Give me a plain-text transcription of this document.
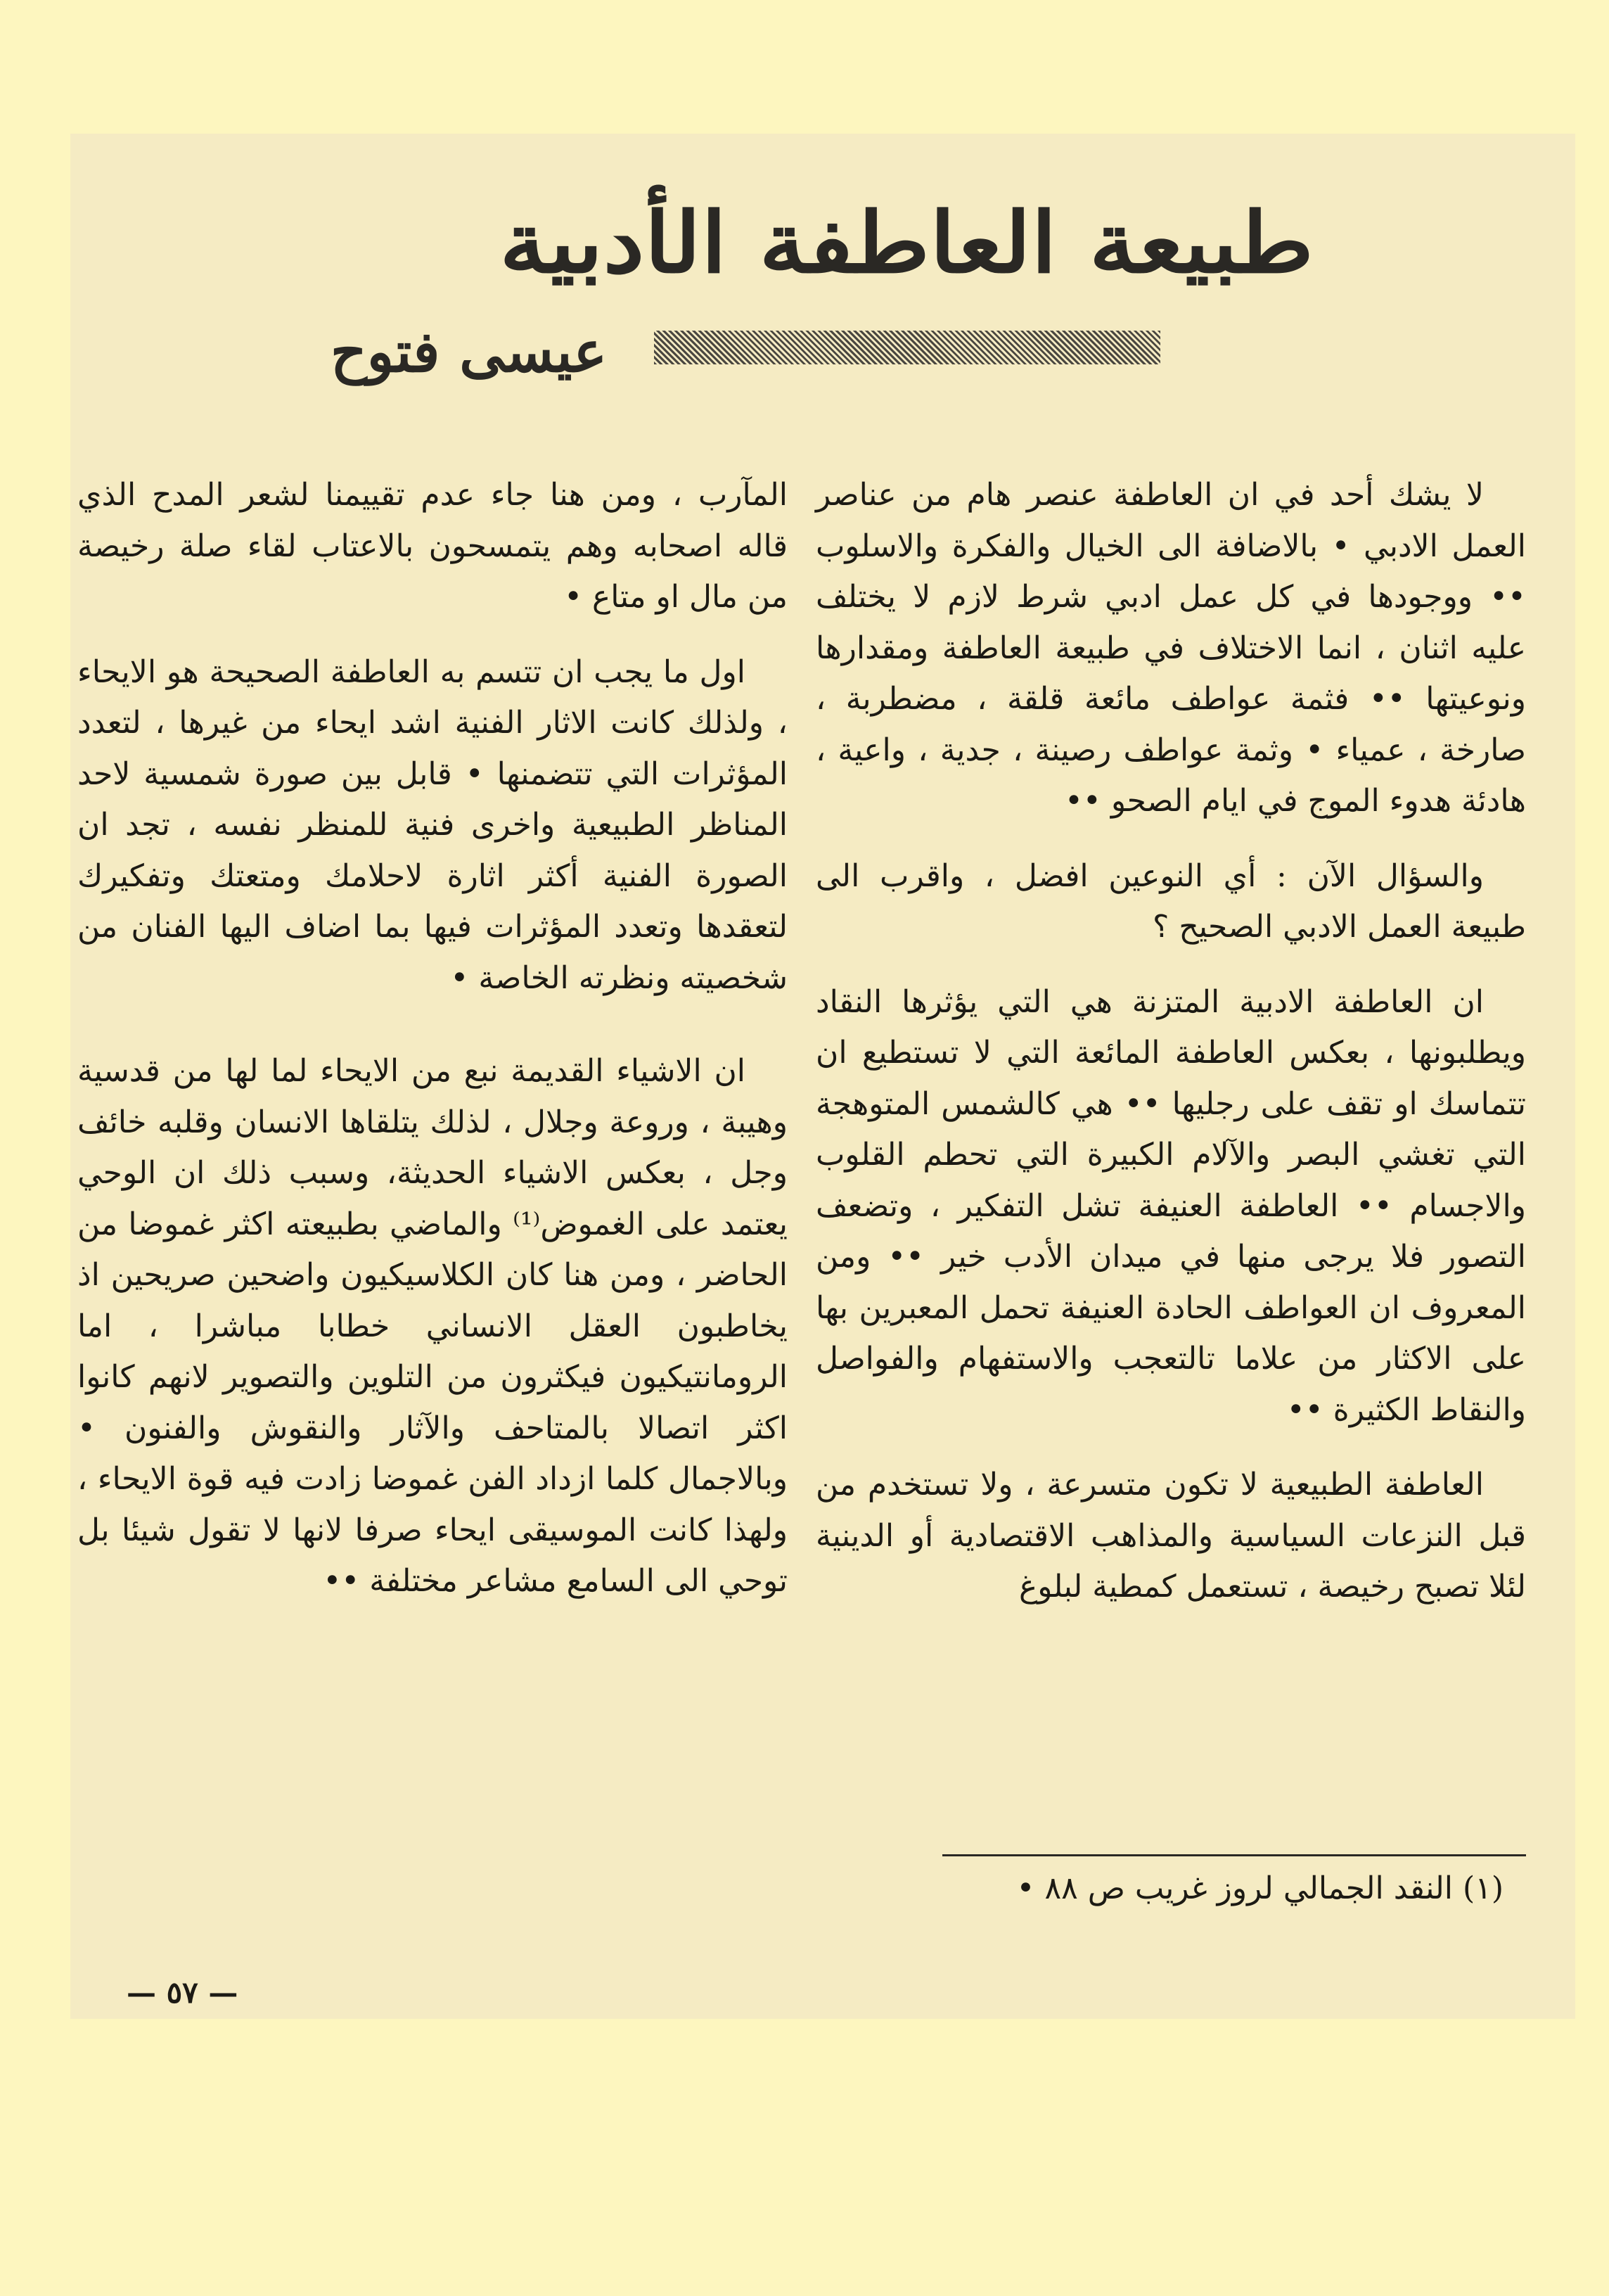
طبيعة العاطفة الأدبية
عيسى فتوح

لا يشك أحد في ان العاطفة عنصر هام من عناصر العمل الادبي • بالاضافة الى الخيال والفكرة والاسلوب •• ووجودها في كل عمل ادبي شرط لازم لا يختلف عليه اثنان ، انما الاختلاف في طبيعة العاطفة ومقدارها ونوعيتها •• فثمة عواطف مائعة قلقة ، مضطربة ، صارخة ، عمياء • وثمة عواطف رصينة ، جدية ، واعية ، هادئة هدوء الموج في ايام الصحو ••

والسؤال الآن : أي النوعين افضل ، واقرب الى طبيعة العمل الادبي الصحيح ؟

ان العاطفة الادبية المتزنة هي التي يؤثرها النقاد ويطلبونها ، بعكس العاطفة المائعة التي لا تستطيع ان تتماسك او تقف على رجليها •• هي كالشمس المتوهجة التي تغشي البصر والآلام الكبيرة التي تحطم القلوب والاجسام •• العاطفة العنيفة تشل التفكير ، وتضعف التصور فلا يرجى منها في ميدان الأدب خير •• ومن المعروف ان العواطف الحادة العنيفة تحمل المعبرين بها على الاكثار من علاما تالتعجب والاستفهام والفواصل والنقاط الكثيرة ••

العاطفة الطبيعية لا تكون متسرعة ، ولا تستخدم من قبل النزعات السياسية والمذاهب الاقتصادية أو الدينية لئلا تصبح رخيصة ، تستعمل كمطية لبلوغ

المآرب ، ومن هنا جاء عدم تقييمنا لشعر المدح الذي قاله اصحابه وهم يتمسحون بالاعتاب لقاء صلة رخيصة من مال او متاع •

اول ما يجب ان تتسم به العاطفة الصحيحة هو الايحاء ، ولذلك كانت الاثار الفنية اشد ايحاء من غيرها ، لتعدد المؤثرات التي تتضمنها • قابل بين صورة شمسية لاحد المناظر الطبيعية واخرى فنية للمنظر نفسه ، تجد ان الصورة الفنية أكثر اثارة لاحلامك ومتعتك وتفكيرك لتعقدها وتعدد المؤثرات فيها بما اضاف اليها الفنان من شخصيته ونظرته الخاصة •

ان الاشياء القديمة نبع من الايحاء لما لها من قدسية وهيبة ، وروعة وجلال ، لذلك يتلقاها الانسان وقلبه خائف وجل ، بعكس الاشياء الحديثة، وسبب ذلك ان الوحي يعتمد على الغموض⁽¹⁾ والماضي بطبيعته اكثر غموضا من الحاضر ، ومن هنا كان الكلاسيكيون واضحين صريحين اذ يخاطبون العقل الانساني خطابا مباشرا ، اما الرومانتيكيون فيكثرون من التلوين والتصوير لانهم كانوا اكثر اتصالا بالمتاحف والآثار والنقوش والفنون • وبالاجمال كلما ازداد الفن غموضا زادت فيه قوة الايحاء ، ولهذا كانت الموسيقى ايحاء صرفا لانها لا تقول شيئا بل توحي الى السامع مشاعر مختلفة ••

(١) النقد الجمالي لروز غريب ص ٨٨ •
— ٥٧ —
